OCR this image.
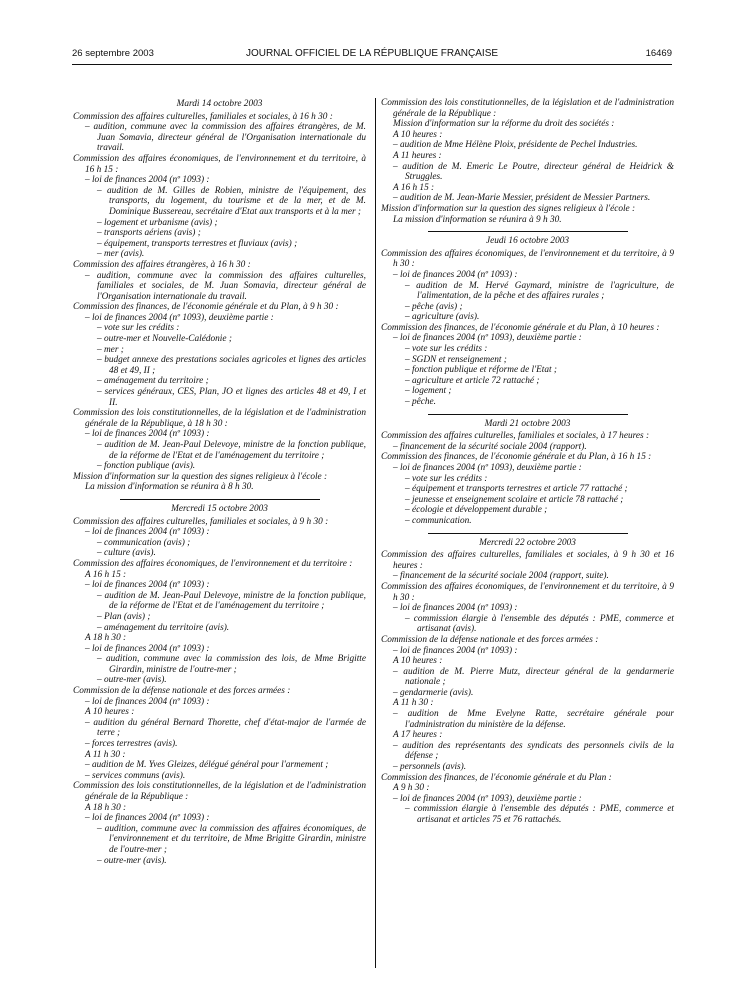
26 septembre 2003	JOURNAL OFFICIEL DE LA RÉPUBLIQUE FRANÇAISE	16469

Mardi 14 octobre 2003

Commission des affaires culturelles, familiales et sociales, à 16 h 30 :

– audition, commune avec la commission des affaires étrangères, de M. Juan Somavia, directeur général de l'Organisation internationale du travail.

Commission des affaires économiques, de l'environnement et du territoire, à 16 h 15 :

– loi de finances 2004 (nº 1093) :

– audition de M. Gilles de Robien, ministre de l'équipement, des transports, du logement, du tourisme et de la mer, et de M. Dominique Bussereau, secrétaire d'Etat aux transports et à la mer ;

– logement et urbanisme (avis) ;

– transports aériens (avis) ;

– équipement, transports terrestres et fluviaux (avis) ;

– mer (avis).

Commission des affaires étrangères, à 16 h 30 :

– audition, commune avec la commission des affaires culturelles, familiales et sociales, de M. Juan Somavia, directeur général de l'Organisation internationale du travail.

Commission des finances, de l'économie générale et du Plan, à 9 h 30 :

– loi de finances 2004 (nº 1093), deuxième partie :

– vote sur les crédits :

– outre-mer et Nouvelle-Calédonie ;

– mer ;

– budget annexe des prestations sociales agricoles et lignes des articles 48 et 49, II ;

– aménagement du territoire ;

– services généraux, CES, Plan, JO et lignes des articles 48 et 49, I et II.

Commission des lois constitutionnelles, de la législation et de l'administration générale de la République, à 18 h 30 :

– loi de finances 2004 (nº 1093) :

– audition de M. Jean-Paul Delevoye, ministre de la fonction publique, de la réforme de l'Etat et de l'aménagement du territoire ;

– fonction publique (avis).

Mission d'information sur la question des signes religieux à l'école :

La mission d'information se réunira à 8 h 30.

Mercredi 15 octobre 2003

Commission des affaires culturelles, familiales et sociales, à 9 h 30 :

– loi de finances 2004 (nº 1093) :

– communication (avis) ;

– culture (avis).

Commission des affaires économiques, de l'environnement et du territoire :

A 16 h 15 :

– loi de finances 2004 (nº 1093) :

– audition de M. Jean-Paul Delevoye, ministre de la fonction publique, de la réforme de l'Etat et de l'aménagement du territoire ;

– Plan (avis) ;

– aménagement du territoire (avis).

A 18 h 30 :

– loi de finances 2004 (nº 1093) :

– audition, commune avec la commission des lois, de Mme Brigitte Girardin, ministre de l'outre-mer ;

– outre-mer (avis).

Commission de la défense nationale et des forces armées :

– loi de finances 2004 (nº 1093) :

A 10 heures :

– audition du général Bernard Thorette, chef d'état-major de l'armée de terre ;

– forces terrestres (avis).

A 11 h 30 :

– audition de M. Yves Gleizes, délégué général pour l'armement ;

– services communs (avis).

Commission des lois constitutionnelles, de la législation et de l'administration générale de la République :

A 18 h 30 :

– loi de finances 2004 (nº 1093) :

– audition, commune avec la commission des affaires économiques, de l'environnement et du territoire, de Mme Brigitte Girardin, ministre de l'outre-mer ;

– outre-mer (avis).

Commission des lois constitutionnelles, de la législation et de l'administration générale de la République :

Mission d'information sur la réforme du droit des sociétés :

A 10 heures :

– audition de Mme Hélène Ploix, présidente de Pechel Industries.

A 11 heures :

– audition de M. Emeric Le Poutre, directeur général de Heidrick & Struggles.

A 16 h 15 :

– audition de M. Jean-Marie Messier, président de Messier Partners.

Mission d'information sur la question des signes religieux à l'école :

La mission d'information se réunira à 9 h 30.

Jeudi 16 octobre 2003

Commission des affaires économiques, de l'environnement et du territoire, à 9 h 30 :

– loi de finances 2004 (nº 1093) :

– audition de M. Hervé Gaymard, ministre de l'agriculture, de l'alimentation, de la pêche et des affaires rurales ;

– pêche (avis) ;

– agriculture (avis).

Commission des finances, de l'économie générale et du Plan, à 10 heures :

– loi de finances 2004 (nº 1093), deuxième partie :

– vote sur les crédits :

– SGDN et renseignement ;

– fonction publique et réforme de l'Etat ;

– agriculture et article 72 rattaché ;

– logement ;

– pêche.

Mardi 21 octobre 2003

Commission des affaires culturelles, familiales et sociales, à 17 heures :

– financement de la sécurité sociale 2004 (rapport).

Commission des finances, de l'économie générale et du Plan, à 16 h 15 :

– loi de finances 2004 (nº 1093), deuxième partie :

– vote sur les crédits :

– équipement et transports terrestres et article 77 rattaché ;

– jeunesse et enseignement scolaire et article 78 rattaché ;

– écologie et développement durable ;

– communication.

Mercredi 22 octobre 2003

Commission des affaires culturelles, familiales et sociales, à 9 h 30 et 16 heures :

– financement de la sécurité sociale 2004 (rapport, suite).

Commission des affaires économiques, de l'environnement et du territoire, à 9 h 30 :

– loi de finances 2004 (nº 1093) :

– commission élargie à l'ensemble des députés : PME, commerce et artisanat (avis).

Commission de la défense nationale et des forces armées :

– loi de finances 2004 (nº 1093) :

A 10 heures :

– audition de M. Pierre Mutz, directeur général de la gendarmerie nationale ;

– gendarmerie (avis).

A 11 h 30 :

– audition de Mme Evelyne Ratte, secrétaire générale pour l'administration du ministère de la défense.

A 17 heures :

– audition des représentants des syndicats des personnels civils de la défense ;

– personnels (avis).

Commission des finances, de l'économie générale et du Plan :

A 9 h 30 :

– loi de finances 2004 (nº 1093), deuxième partie :

– commission élargie à l'ensemble des députés : PME, commerce et artisanat et articles 75 et 76 rattachés.
